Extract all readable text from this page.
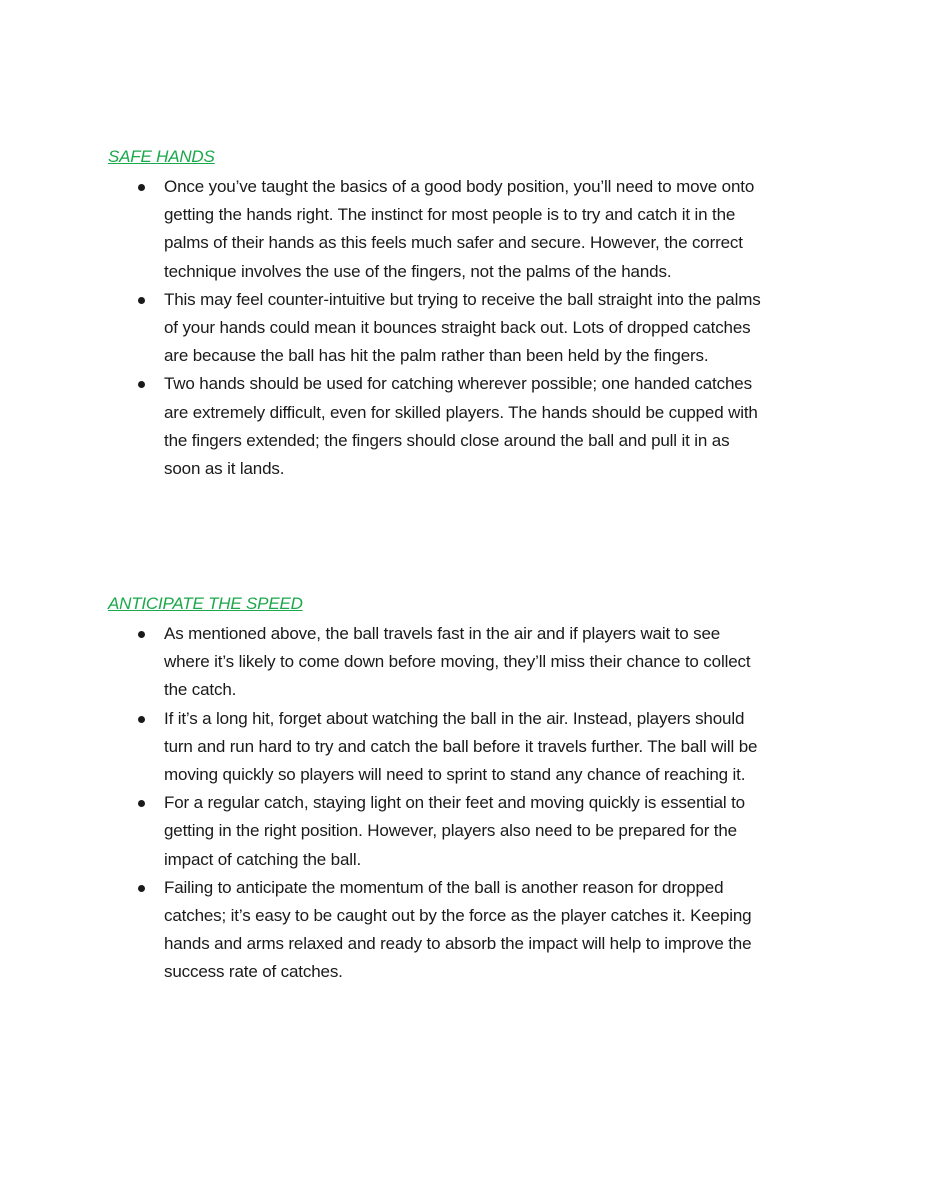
SAFE HANDS
Once you’ve taught the basics of a good body position, you’ll need to move onto getting the hands right. The instinct for most people is to try and catch it in the palms of their hands as this feels much safer and secure. However, the correct technique involves the use of the fingers, not the palms of the hands.
This may feel counter-intuitive but trying to receive the ball straight into the palms of your hands could mean it bounces straight back out. Lots of dropped catches are because the ball has hit the palm rather than been held by the fingers.
Two hands should be used for catching wherever possible; one handed catches are extremely difficult, even for skilled players. The hands should be cupped with the fingers extended; the fingers should close around the ball and pull it in as soon as it lands.
ANTICIPATE THE SPEED
As mentioned above, the ball travels fast in the air and if players wait to see where it’s likely to come down before moving, they’ll miss their chance to collect the catch.
If it’s a long hit, forget about watching the ball in the air. Instead, players should turn and run hard to try and catch the ball before it travels further. The ball will be moving quickly so players will need to sprint to stand any chance of reaching it.
For a regular catch, staying light on their feet and moving quickly is essential to getting in the right position. However, players also need to be prepared for the impact of catching the ball.
Failing to anticipate the momentum of the ball is another reason for dropped catches; it’s easy to be caught out by the force as the player catches it. Keeping hands and arms relaxed and ready to absorb the impact will help to improve the success rate of catches.
